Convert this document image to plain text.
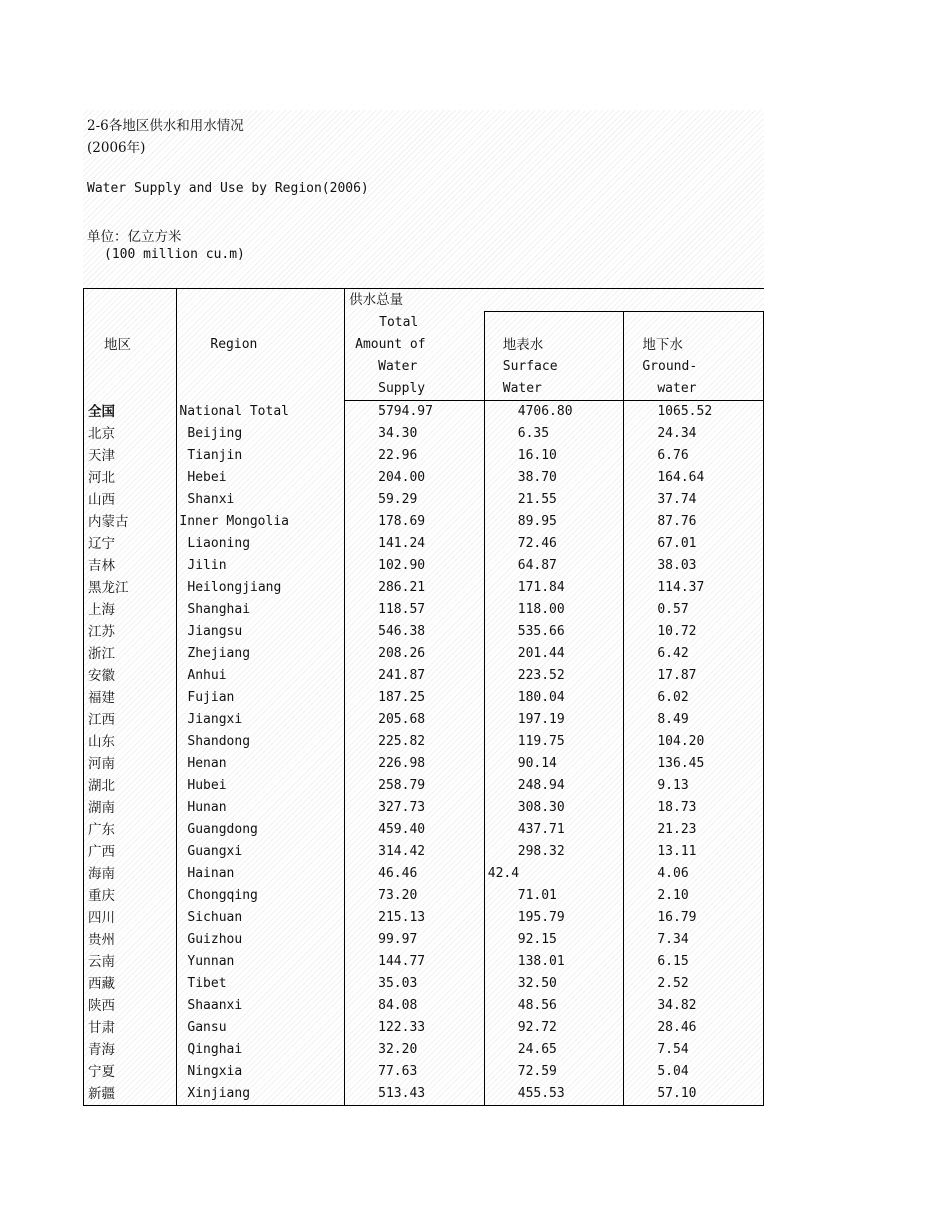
2-6各地区供水和用水情况
(2006年)
Water Supply and Use by Region(2006)
单位：亿立方米
(100 million cu.m)
地区	Region	供水总量		
		Total		
		Amount of	地表水	地下水
		Water	Surface	Ground-
		Supply	Water	water
全国	National Total	5794.97	4706.80	1065.52
北京	Beijing	34.30	6.35	24.34
天津	Tianjin	22.96	16.10	6.76
河北	Hebei	204.00	38.70	164.64
山西	Shanxi	59.29	21.55	37.74
内蒙古	Inner Mongolia	178.69	89.95	87.76
辽宁	Liaoning	141.24	72.46	67.01
吉林	Jilin	102.90	64.87	38.03
黑龙江	Heilongjiang	286.21	171.84	114.37
上海	Shanghai	118.57	118.00	0.57
江苏	Jiangsu	546.38	535.66	10.72
浙江	Zhejiang	208.26	201.44	6.42
安徽	Anhui	241.87	223.52	17.87
福建	Fujian	187.25	180.04	6.02
江西	Jiangxi	205.68	197.19	8.49
山东	Shandong	225.82	119.75	104.20
河南	Henan	226.98	90.14	136.45
湖北	Hubei	258.79	248.94	9.13
湖南	Hunan	327.73	308.30	18.73
广东	Guangdong	459.40	437.71	21.23
广西	Guangxi	314.42	298.32	13.11
海南	Hainan	46.46	42.4	4.06
重庆	Chongqing	73.20	71.01	2.10
四川	Sichuan	215.13	195.79	16.79
贵州	Guizhou	99.97	92.15	7.34
云南	Yunnan	144.77	138.01	6.15
西藏	Tibet	35.03	32.50	2.52
陕西	Shaanxi	84.08	48.56	34.82
甘肃	Gansu	122.33	92.72	28.46
青海	Qinghai	32.20	24.65	7.54
宁夏	Ningxia	77.63	72.59	5.04
新疆	Xinjiang	513.43	455.53	57.10
